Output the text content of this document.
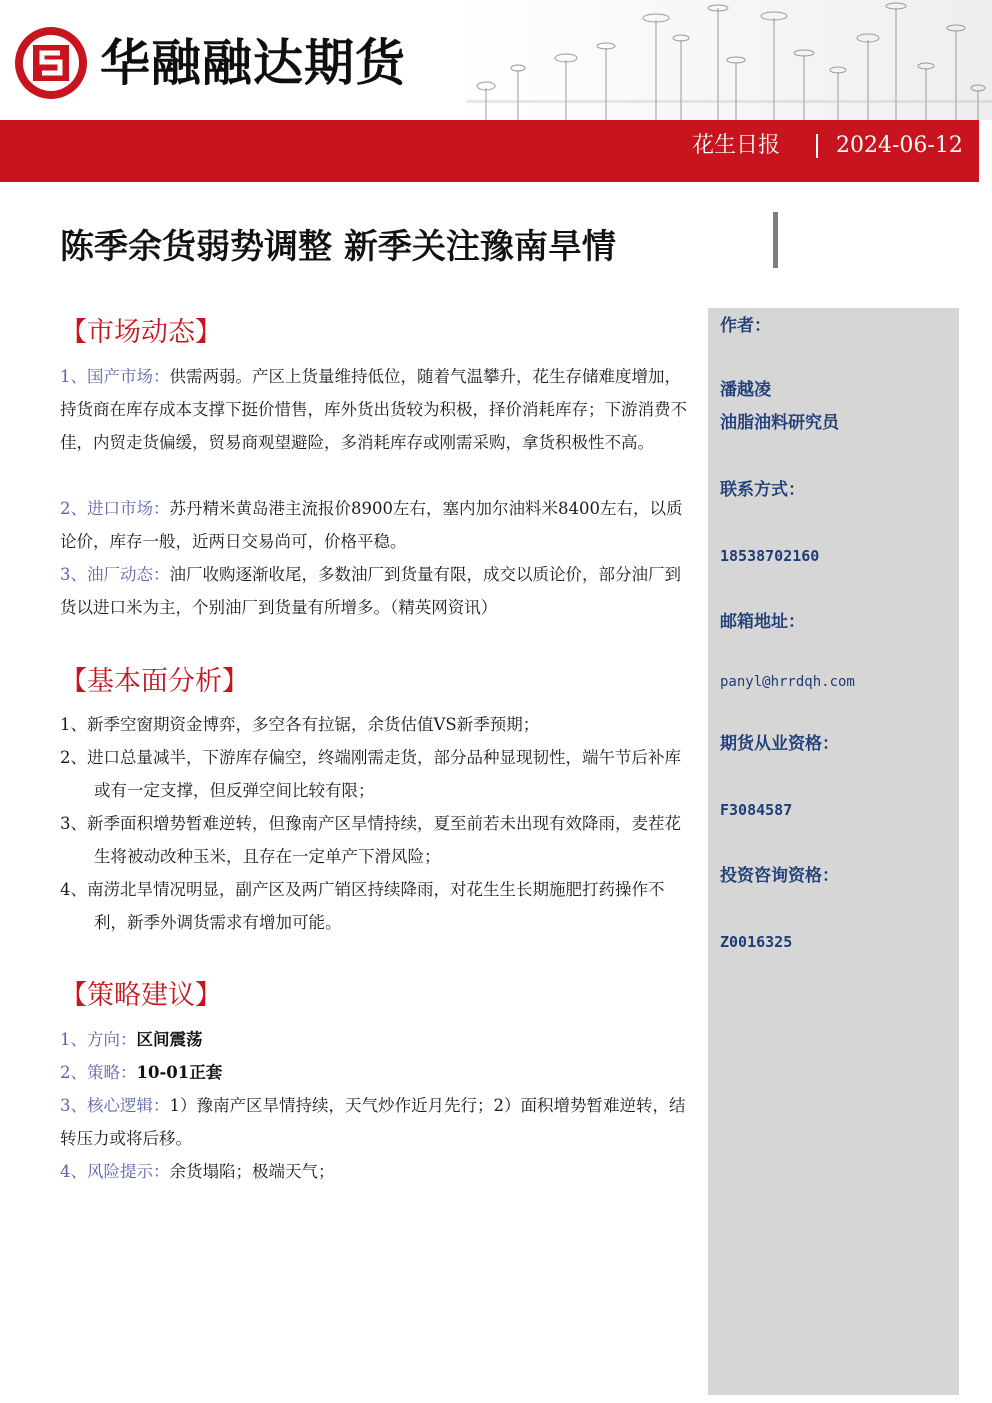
华融融达期货
花生日报	2024-06-12
陈季余货弱势调整 新季关注豫南旱情
作者：
潘越凌
油脂油料研究员
联系方式：
18538702160
邮箱地址：
panyl@hrrdqh.com
期货从业资格：
F3084587
投资咨询资格：
Z0016325
【市场动态】
1、国产市场：供需两弱。产区上货量维持低位，随着气温攀升，花生存储难度增加，持货商在库存成本支撑下挺价惜售，库外货出货较为积极，择价消耗库存；下游消费不佳，内贸走货偏缓，贸易商观望避险，多消耗库存或刚需采购，拿货积极性不高。
2、进口市场：苏丹精米黄岛港主流报价8900左右，塞内加尔油料米8400左右，以质论价，库存一般，近两日交易尚可，价格平稳。
3、油厂动态：油厂收购逐渐收尾，多数油厂到货量有限，成交以质论价，部分油厂到货以进口米为主，个别油厂到货量有所增多。（精英网资讯）
【基本面分析】
1、新季空窗期资金博弈，多空各有拉锯，余货估值VS新季预期；
2、进口总量减半，下游库存偏空，终端刚需走货，部分品种显现韧性，端午节后补库或有一定支撑，但反弹空间比较有限；
3、新季面积增势暂难逆转，但豫南产区旱情持续，夏至前若未出现有效降雨，麦茬花生将被动改种玉米，且存在一定单产下滑风险；
4、南涝北旱情况明显，副产区及两广销区持续降雨，对花生生长期施肥打药操作不利，新季外调货需求有增加可能。
【策略建议】
1、方向：区间震荡
2、策略：10-01正套
3、核心逻辑：1）豫南产区旱情持续，天气炒作近月先行；2）面积增势暂难逆转，结转压力或将后移。
4、风险提示：余货塌陷；极端天气；
